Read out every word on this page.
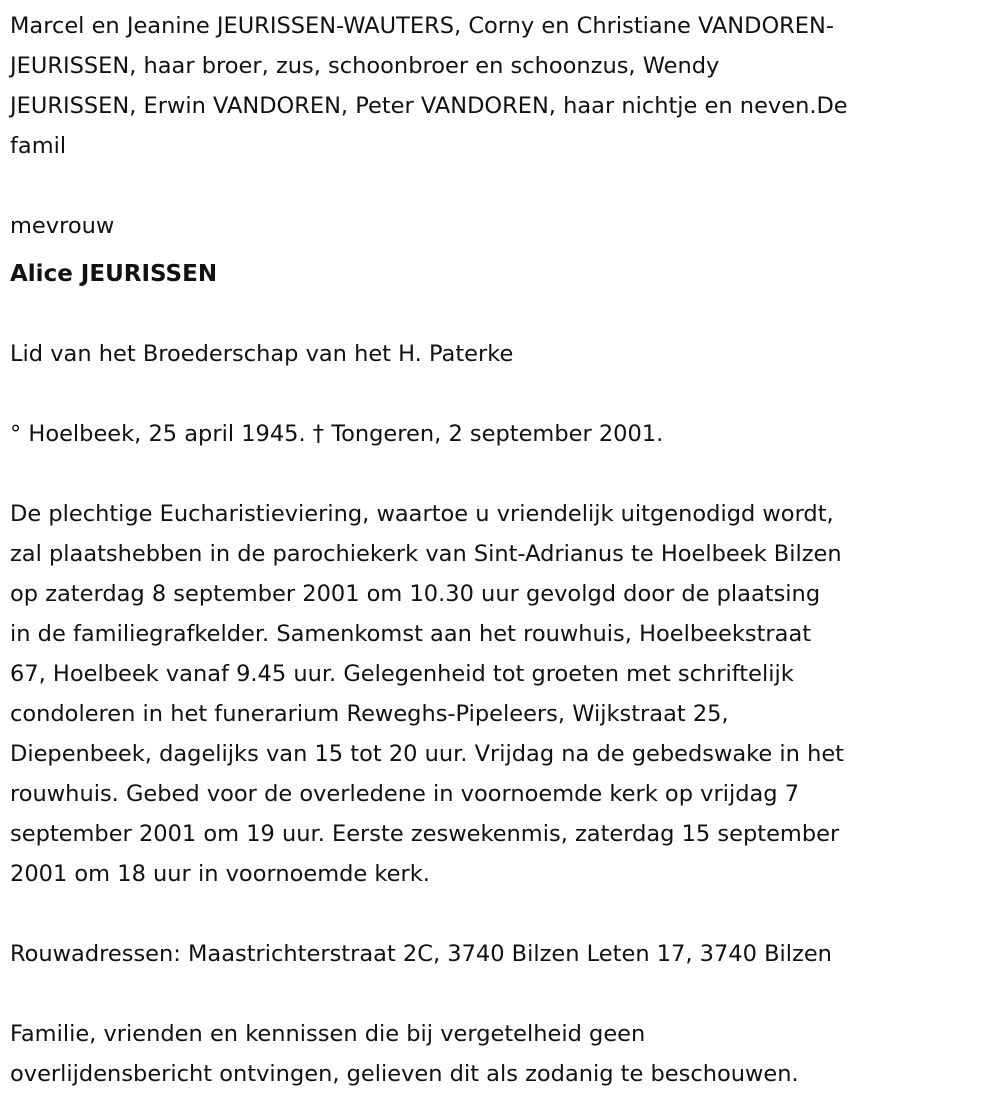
Marcel en Jeanine JEURISSEN-WAUTERS, Corny en Christiane VANDOREN-
JEURISSEN, haar broer, zus, schoonbroer en schoonzus, Wendy
JEURISSEN, Erwin VANDOREN, Peter VANDOREN, haar nichtje en neven.De
famil
mevrouw
Alice JEURISSEN
Lid van het Broederschap van het H. Paterke
° Hoelbeek, 25 april 1945. † Tongeren, 2 september 2001.
De plechtige Eucharistieviering, waartoe u vriendelijk uitgenodigd wordt,
zal plaatshebben in de parochiekerk van Sint-Adrianus te Hoelbeek Bilzen
op zaterdag 8 september 2001 om 10.30 uur gevolgd door de plaatsing
in de familiegrafkelder. Samenkomst aan het rouwhuis, Hoelbeekstraat
67, Hoelbeek vanaf 9.45 uur. Gelegenheid tot groeten met schriftelijk
condoleren in het funerarium Reweghs-Pipeleers, Wijkstraat 25,
Diepenbeek, dagelijks van 15 tot 20 uur. Vrijdag na de gebedswake in het
rouwhuis. Gebed voor de overledene in voornoemde kerk op vrijdag 7
september 2001 om 19 uur. Eerste zeswekenmis, zaterdag 15 september
2001 om 18 uur in voornoemde kerk.
Rouwadressen: Maastrichterstraat 2C, 3740 Bilzen Leten 17, 3740 Bilzen
Familie, vrienden en kennissen die bij vergetelheid geen
overlijdensbericht ontvingen, gelieven dit als zodanig te beschouwen.
